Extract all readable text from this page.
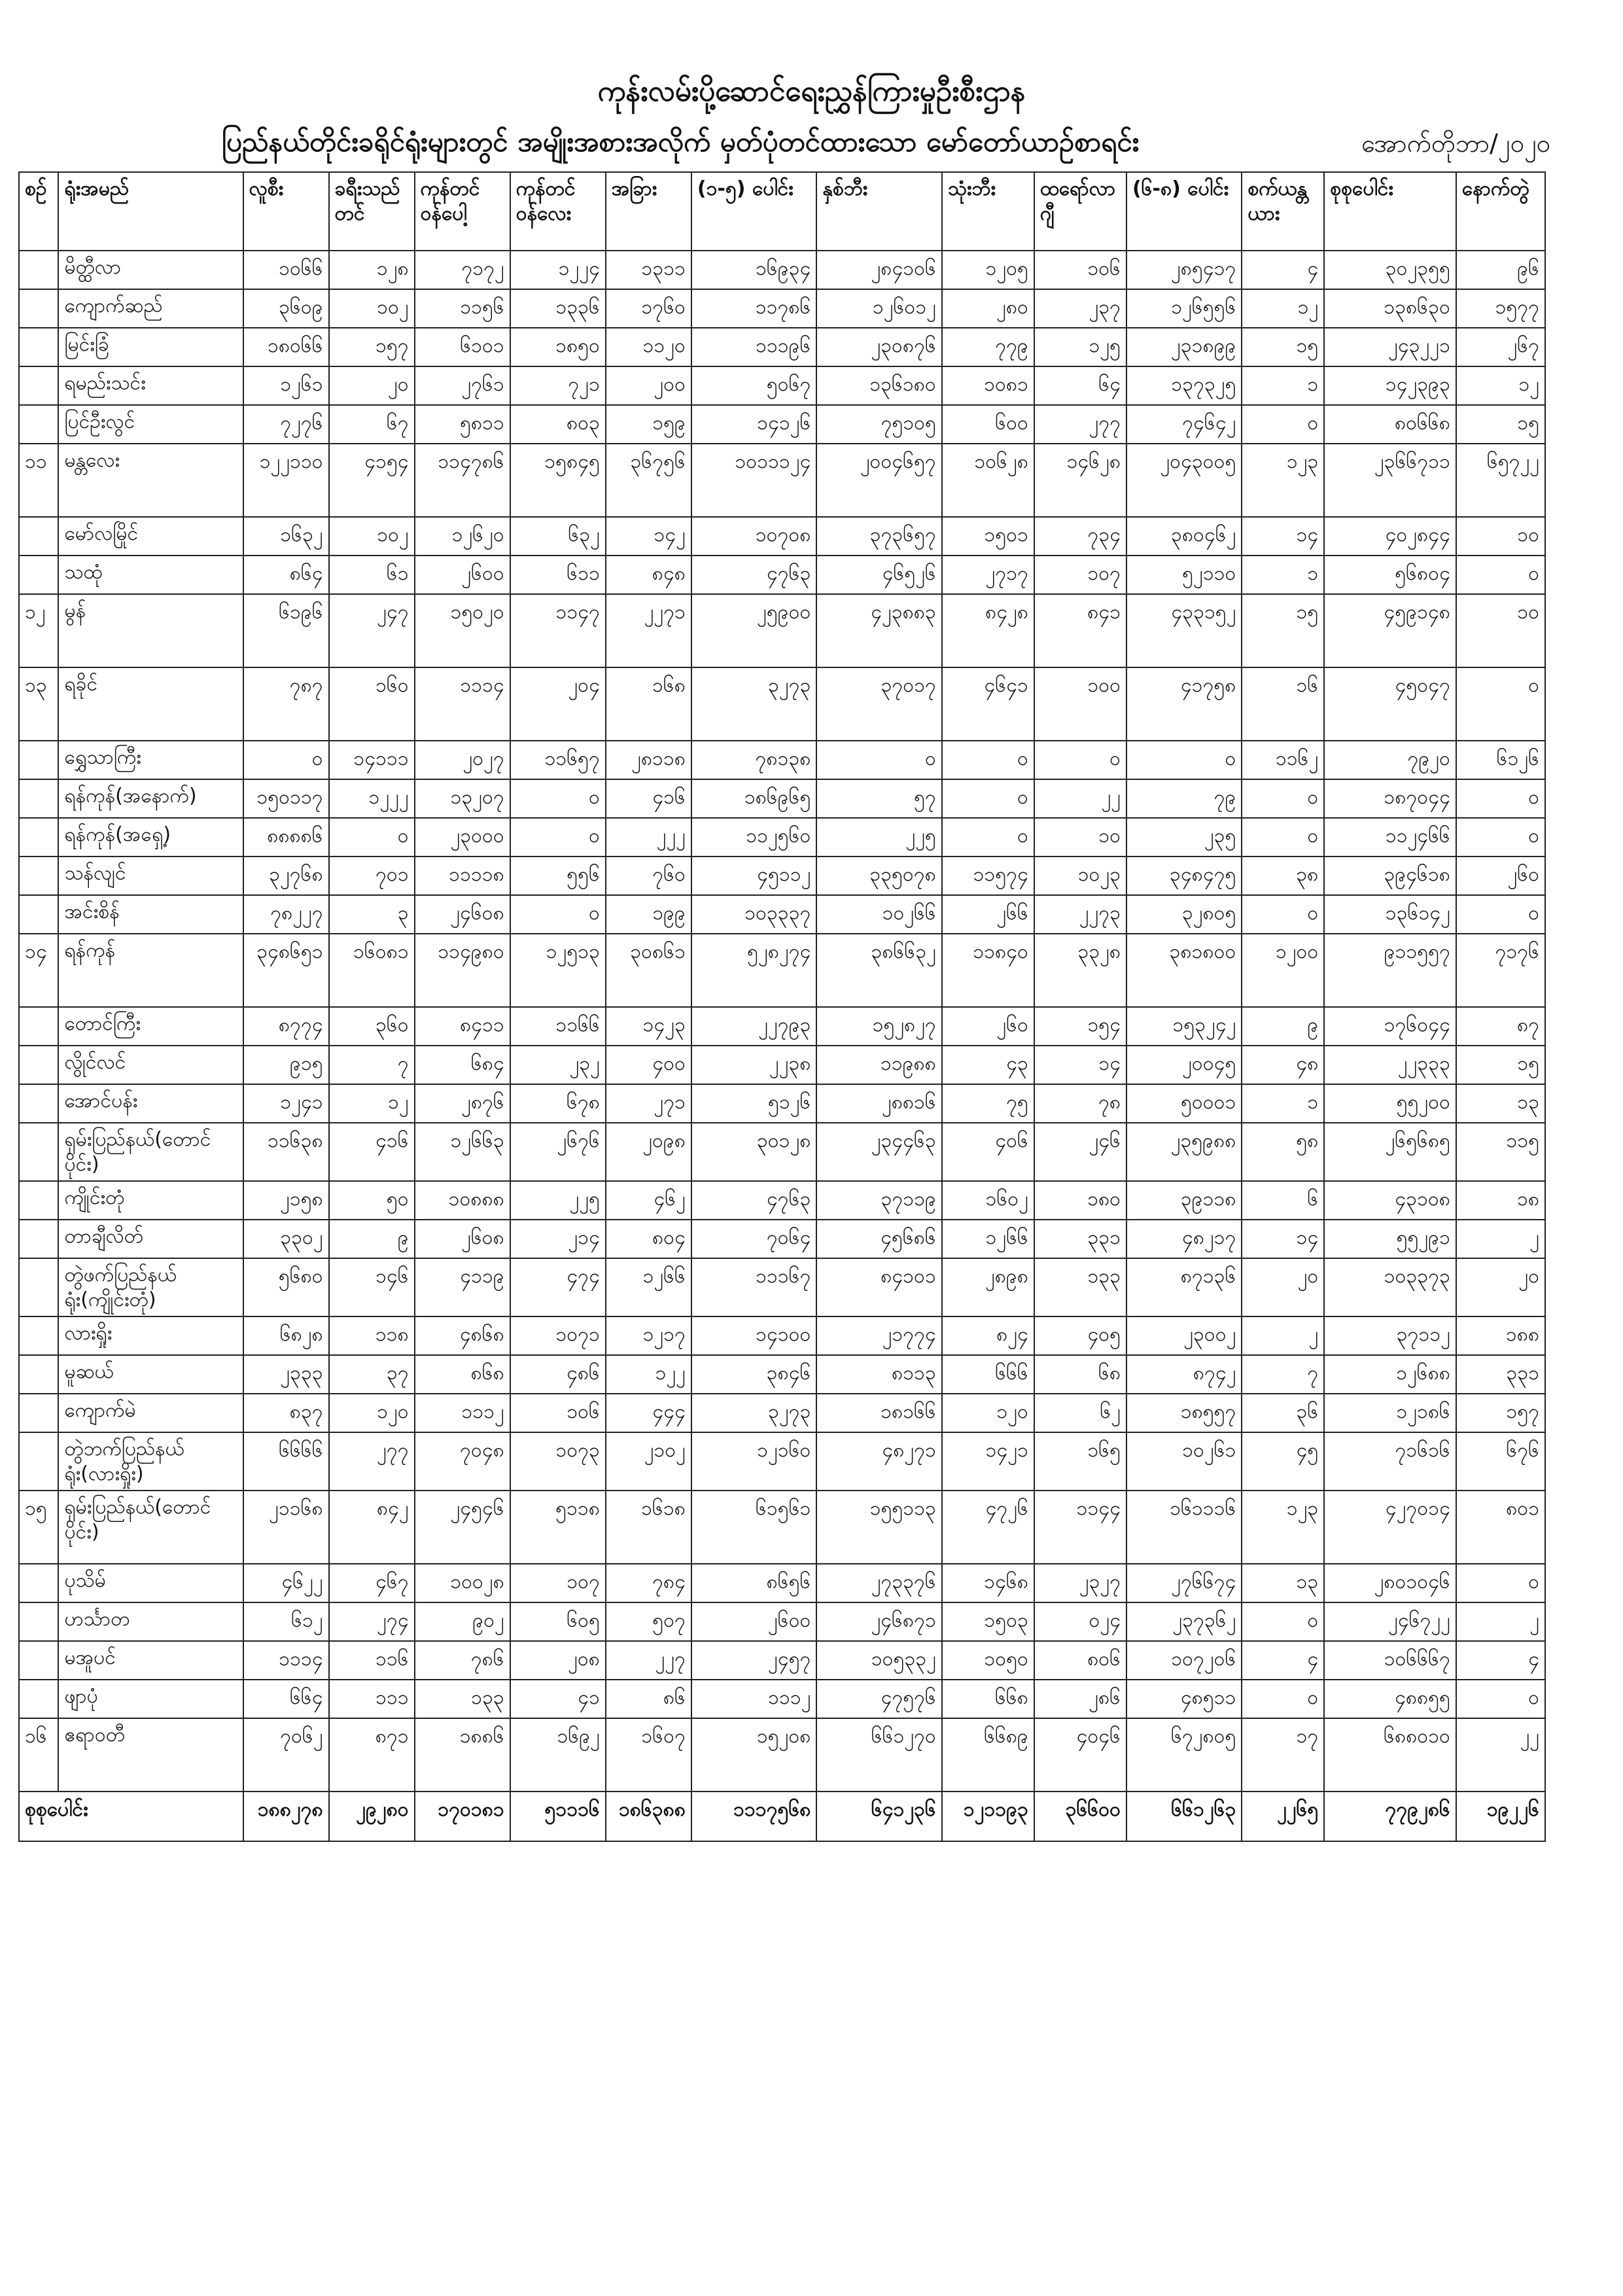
ကုန်းလမ်းပို့ဆောင်ရေးညွှန်ကြားမှုဦးစီးဌာန
ပြည်နယ်တိုင်းခရိုင်ရုံးများတွင် အမျိုးအစားအလိုက် မှတ်ပုံတင်ထားသော မော်တော်ယာဉ်စာရင်း	အောက်တိုဘာ/၂၀၂၀
စဉ်	ရုံးအမည်	လူစီး	ခရီးသည်တင်	ကုန်တင်ဝန်ပေါ့	ကုန်တင်ဝန်လေး	အခြား	(၁-၅) ပေါင်း	နှစ်ဘီး	သုံးဘီး	ထရော်လာဂျီ	(၆-၈) ပေါင်း	စက်ယန္တယား	စုစုပေါင်း	နောက်တွဲ
	မိတ္ထီလာ	၁၀၆၆	၁၂၈	၇၁၇၂	၁၂၂၄	၁၃၁၁	၁၆၉၃၄	၂၈၄၁၀၆	၁၂၀၅	၁၀၆	၂၈၅၄၁၇	၄	၃၀၂၃၅၅	၉၆
	ကျောက်ဆည်	၃၆၀၉	၁၀၂	၁၁၅၆	၁၃၃၆	၁၇၆၀	၁၁၇၈၆	၁၂၆၀၁၂	၂၈၀	၂၃၇	၁၂၆၅၅၆	၁၂	၁၃၈၆၃၀	၁၅၇၇
	မြင်းခြံ	၁၈၀၆၆	၁၅၇	၆၁၀၁	၁၈၅၀	၁၁၂၀	၁၁၁၉၆	၂၃၀၈၇၆	၇၇၉	၁၂၅	၂၃၁၈၉၉	၁၅	၂၄၃၂၂၁	၂၆၇
	ရမည်းသင်း	၁၂၆၁	၂၀	၂၇၆၁	၇၂၁	၂၀၀	၅၀၆၇	၁၃၆၁၈၀	၁၀၈၁	၆၄	၁၃၇၃၂၅	၁	၁၄၂၃၉၃	၁၂
	ပြင်ဦးလွင်	၇၂၇၆	၆၇	၅၈၁၁	၈၀၃	၁၅၉	၁၄၁၂၆	၇၅၁၀၅	၆၀၀	၂၇၇	၇၄၆၄၂	၀	၈၀၆၆၈	၁၅
၁၁	မန္တလေး	၁၂၂၁၁၀	၄၁၅၄	၁၁၄၇၈၆	၁၅၈၄၅	၃၆၇၅၆	၁၀၁၁၁၂၄	၂၀၀၄၆၅၇	၁၀၆၂၈	၁၄၆၂၈	၂၀၄၃၀၀၅	၁၂၃	၂၃၆၆၇၁၁	၆၅၇၂၂
	မော်လမြိုင်	၁၆၃၂	၁၀၂	၁၂၆၂၀	၆၃၂	၁၄၂	၁၀၇၀၈	၃၇၃၆၅၇	၁၅၀၁	၇၃၄	၃၈၀၄၆၂	၁၄	၄၀၂၈၄၄	၁၀
	သထုံ	၈၆၄	၆၁	၂၆၀၀	၆၁၁	၈၄၈	၄၇၆၃	၄၆၅၂၆	၂၇၁၇	၁၀၇	၅၂၁၁၀	၁	၅၆၈၀၄	၀
၁၂	မွန်	၆၁၉၆	၂၄၇	၁၅၀၂၀	၁၁၄၇	၂၂၇၁	၂၅၉၀၀	၄၂၃၈၈၃	၈၄၂၈	၈၄၁	၄၃၃၁၅၂	၁၅	၄၅၉၁၄၈	၁၀
၁၃	ရခိုင်	၇၈၇	၁၆၀	၁၁၁၄	၂၀၄	၁၆၈	၃၂၇၃	၃၇၀၁၇	၄၆၄၁	၁၀၀	၄၁၇၅၈	၁၆	၄၅၀၄၇	၀
	ရွှေသာကြီး	၀	၁၄၁၁၁	၂၀၂၇	၁၁၆၅၇	၂၈၁၁၈	၇၈၁၃၈	၀	၀	၀	၀	၁၁၆၂	၇၉၂၀	၆၁၂၆
	ရန်ကုန်(အနောက်)	၁၅၀၁၁၇	၁၂၂၂	၁၃၂၀၇	၀	၄၁၆	၁၈၆၉၆၅	၅၇	၀	၂၂	၇၉	၀	၁၈၇၀၄၄	၀
	ရန်ကုန်(အရှေ့)	၈၈၈၈၆	၀	၂၃၀၀၀	၀	၂၂၂	၁၁၂၅၆၀	၂၂၅	၀	၁၀	၂၃၅	၀	၁၁၂၄၆၆	၀
	သန်လျင်	၃၂၇၆၈	၇၀၁	၁၁၁၁၈	၅၅၆	၇၆၀	၄၅၁၁၂	၃၃၅၀၇၈	၁၁၅၇၄	၁၀၂၃	၃၄၈၄၇၅	၃၈	၃၉၄၆၁၈	၂၆၀
	အင်းစိန်	၇၈၂၂၇	၃	၂၄၆၀၈	၀	၁၉၉	၁၀၃၃၃၇	၁၀၂၆၆	၂၆၆	၂၂၇၃	၃၂၈၀၅	၀	၁၃၆၁၄၂	၀
၁၄	ရန်ကုန်	၃၄၈၆၅၁	၁၆၀၈၁	၁၁၄၉၈၀	၁၂၅၁၃	၃၀၈၆၁	၅၂၈၂၇၄	၃၈၆၆၃၂	၁၁၈၄၀	၃၃၂၈	၃၈၁၈၀၀	၁၂၀၀	၉၁၁၅၅၇	၇၁၇၆
	တောင်ကြီး	၈၇၇၄	၃၆၀	၈၄၁၁	၁၁၆၆	၁၄၂၃	၂၂၇၉၃	၁၅၂၈၂၇	၂၆၀	၁၅၄	၁၅၃၂၄၂	၉	၁၇၆၀၄၄	၈၇
	လွိုင်လင်	၉၁၅	၇	၆၈၄	၂၃၂	၄၀၀	၂၂၃၈	၁၁၉၈၈	၄၃	၁၄	၂၀၀၄၅	၄၈	၂၂၃၃၃	၁၅
	အောင်ပန်း	၁၂၄၁	၁၂	၂၈၇၆	၆၇၈	၂၇၁	၅၁၂၆	၂၈၈၁၆	၇၅	၇၈	၅၀၀၀၁	၁	၅၅၂၀၀	၁၃
	ရှမ်းပြည်နယ်(တောင်ပိုင်း)	၁၁၆၃၈	၄၁၆	၁၂၆၆၃	၂၆၇၆	၂၀၉၈	၃၀၁၂၈	၂၃၄၄၆၃	၄၀၆	၂၄၆	၂၃၅၉၈၈	၅၈	၂၆၅၆၈၅	၁၁၅
	ကျိုင်းတုံ	၂၁၅၈	၅၀	၁၀၈၈၈	၂၂၅	၄၆၂	၄၇၆၃	၃၇၁၁၉	၁၆၀၂	၁၈၀	၃၉၁၁၈	၆	၄၃၁၀၈	၁၈
	တာချီလိတ်	၃၃၀၂	၉	၂၆၀၈	၂၁၄	၈၀၄	၇၀၆၄	၄၅၆၈၆	၁၂၆၆	၃၃၁	၄၈၂၁၇	၁၄	၅၅၂၉၁	၂
	တွဲဖက်ပြည်နယ်ရုံး(ကျိုင်းတုံ)	၅၆၈၀	၁၄၆	၄၁၁၉	၄၇၄	၁၂၆၆	၁၁၁၆၇	၈၄၁၀၁	၂၈၉၈	၁၃၃	၈၇၁၃၆	၂၀	၁၀၃၃၇၃	၂၀
	လားရှိုး	၆၈၂၈	၁၁၈	၄၈၆၈	၁၀၇၁	၁၂၁၇	၁၄၁၀၀	၂၁၇၇၄	၈၂၄	၄၀၅	၂၃၀၀၂	၂	၃၇၁၁၂	၁၈၈
	မူဆယ်	၂၃၃၃	၃၇	၈၆၈	၄၈၆	၁၂၂	၃၈၄၆	၈၁၁၃	၆၆၆	၆၈	၈၇၄၂	၇	၁၂၆၈၈	၃၃၁
	ကျောက်မဲ	၈၃၇	၁၂၀	၁၁၁၂	၁၀၆	၄၄၄	၃၂၇၃	၁၈၁၆၆	၁၂၀	၆၂	၁၈၅၅၇	၃၆	၁၂၁၈၆	၁၅၇
	တွဲဘက်ပြည်နယ်ရုံး(လားရှိုး)	၆၆၆၆	၂၇၇	၇၀၄၈	၁၀၇၃	၂၁၀၂	၁၂၁၆၀	၄၈၂၇၁	၁၄၂၁	၁၆၅	၁၀၂၆၁	၄၅	၇၁၆၁၆	၆၇၆
၁၅	ရှမ်းပြည်နယ်(တောင်ပိုင်း)	၂၁၁၆၈	၈၄၂	၂၄၅၄၆	၅၁၁၈	၁၆၁၈	၆၁၅၆၁	၁၅၅၁၁၃	၄၇၂၆	၁၁၄၄	၁၆၁၁၁၆	၁၂၃	၄၂၇၀၁၄	၈၀၁
	ပုသိမ်	၄၆၂၂	၄၆၇	၁၀၀၂၈	၁၀၇	၇၈၄	၈၆၅၆	၂၇၃၃၇၆	၁၄၆၈	၂၃၂၇	၂၇၆၆၇၄	၁၃	၂၈၀၁၀၄၆	၀
	ဟင်္သာတ	၆၁၂	၂၇၄	၉၀၂	၆၀၅	၅၀၇	၂၆၀၀	၂၄၆၈၇၁	၁၅၀၃	၀၂၄	၂၃၇၃၆၂	၀	၂၄၆၇၂၂	၂
	မအူပင်	၁၁၁၄	၁၁၆	၇၈၆	၂၀၈	၂၂၇	၂၄၅၇	၁၀၅၃၃၂	၁၀၅၀	၈၀၆	၁၀၇၂၀၆	၄	၁၀၆၆၆၇	၄
	ဖျာပုံ	၆၆၄	၁၁၁	၁၃၃	၄၁	၈၆	၁၁၁၂	၄၇၅၇၆	၆၆၈	၂၈၆	၄၈၅၁၁	၀	၄၈၈၅၅	၀
၁၆	ဧရာဝတီ	၇၀၆၂	၈၇၁	၁၈၈၆	၁၆၉၂	၁၆၀၇	၁၅၂၀၈	၆၆၁၂၇၀	၆၆၈၉	၄၀၄၆	၆၇၂၈၀၅	၁၇	၆၈၈၀၁၀	၂၂
စုစုပေါင်း		၁၈၈၂၇၈	၂၉၂၈၀	၁၇၀၁၈၁	၅၁၁၁၆	၁၈၆၃၈၈	၁၁၁၇၅၆၈	၆၄၁၂၃၆	၁၂၁၁၉၃	၃၆၆၀၀	၆၆၁၂၆၃	၂၂၆၅	၇၇၉၂၈၆	၁၉၂၂၆
